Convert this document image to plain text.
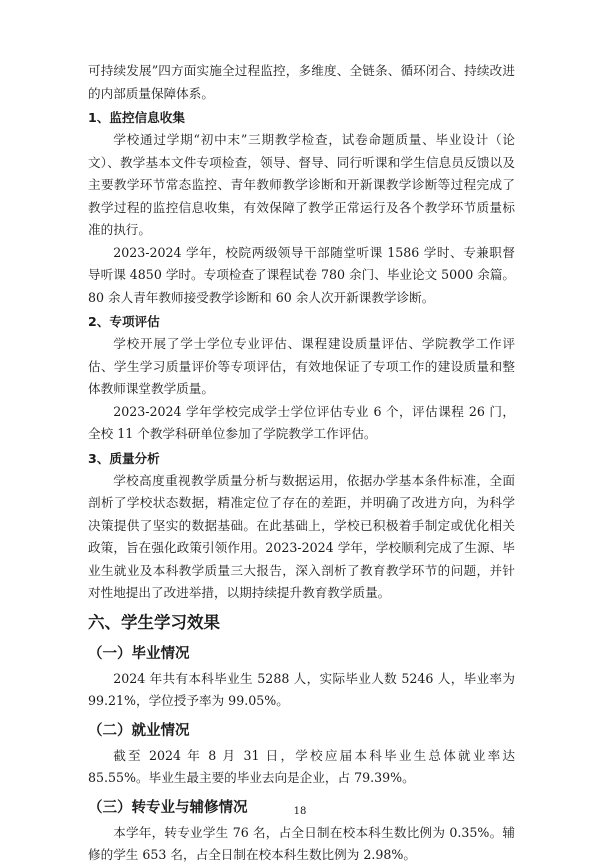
可持续发展”四方面实施全过程监控，多维度、全链条、循环闭合、持续改进的内部质量保障体系。

1、监控信息收集

学校通过学期“初中末”三期教学检查，试卷命题质量、毕业设计（论文）、教学基本文件专项检查，领导、督导、同行听课和学生信息员反馈以及主要教学环节常态监控、青年教师教学诊断和开新课教学诊断等过程完成了教学过程的监控信息收集，有效保障了教学正常运行及各个教学环节质量标准的执行。

2023-2024 学年，校院两级领导干部随堂听课 1586 学时、专兼职督导听课 4850 学时。专项检查了课程试卷 780 余门、毕业论文 5000 余篇。80 余人青年教师接受教学诊断和 60 余人次开新课教学诊断。

2、专项评估

学校开展了学士学位专业评估、课程建设质量评估、学院教学工作评估、学生学习质量评价等专项评估，有效地保证了专项工作的建设质量和整体教师课堂教学质量。

2023-2024 学年学校完成学士学位评估专业 6 个，评估课程 26 门，全校 11 个教学科研单位参加了学院教学工作评估。

3、质量分析

学校高度重视教学质量分析与数据运用，依据办学基本条件标准，全面剖析了学校状态数据，精准定位了存在的差距，并明确了改进方向，为科学决策提供了坚实的数据基础。在此基础上，学校已积极着手制定或优化相关政策，旨在强化政策引领作用。2023-2024 学年，学校顺利完成了生源、毕业生就业及本科教学质量三大报告，深入剖析了教育教学环节的问题，并针对性地提出了改进举措，以期持续提升教育教学质量。

六、学生学习效果
（一）毕业情况

2024 年共有本科毕业生 5288 人，实际毕业人数 5246 人，毕业率为 99.21%，学位授予率为 99.05%。

（二）就业情况

截至 2024 年 8 月 31 日，学校应届本科毕业生总体就业率达 85.55%。毕业生最主要的毕业去向是企业，占 79.39%。

（三）转专业与辅修情况

本学年，转专业学生 76 名，占全日制在校本科生数比例为 0.35%。辅修的学生 653 名，占全日制在校本科生数比例为 2.98%。

18
